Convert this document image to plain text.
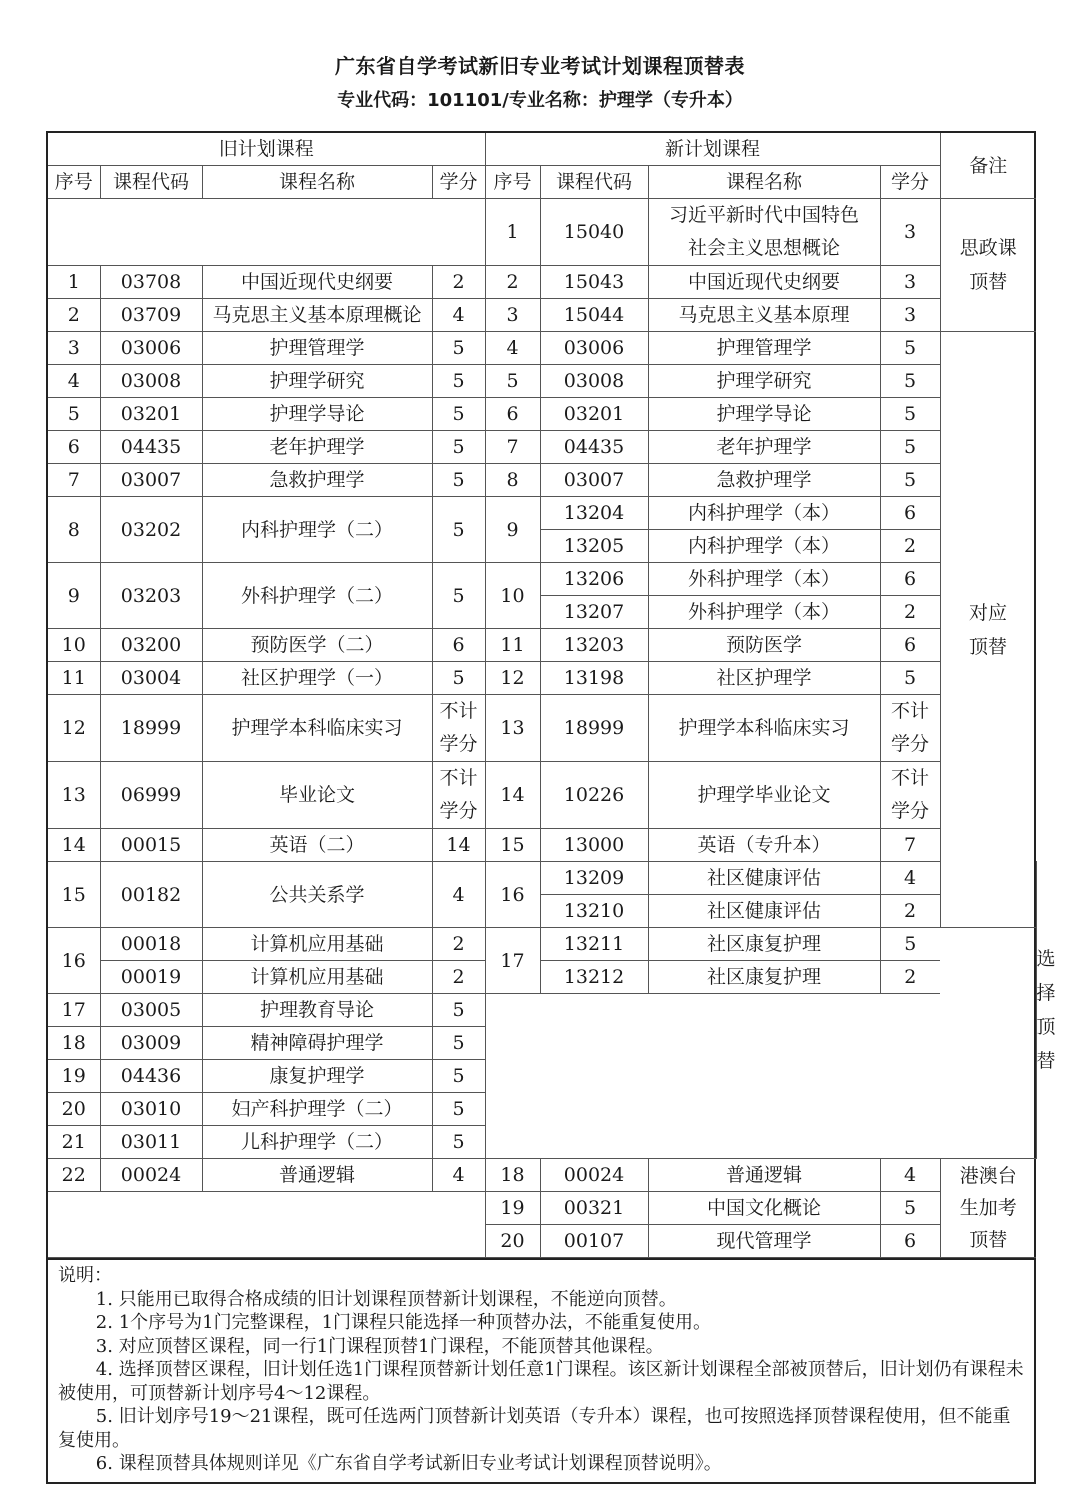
广东省自学考试新旧专业考试计划课程顶替表
专业代码：101101/专业名称：护理学（专升本）
旧计划课程				新计划课程				备注	
序号	课程代码	课程名称	学分	序号	课程代码	课程名称	学分		
				1	15040	习近平新时代中国特色
社会主义思想概论	3	思政课
顶替	
1	03708	中国近现代史纲要	2	2	15043	中国近现代史纲要	3		
2	03709	马克思主义基本原理概论	4	3	15044	马克思主义基本原理	3		
3	03006	护理管理学	5	4	03006	护理管理学	5	对应
顶替	
4	03008	护理学研究	5	5	03008	护理学研究	5		
5	03201	护理学导论	5	6	03201	护理学导论	5		
6	04435	老年护理学	5	7	04435	老年护理学	5		
7	03007	急救护理学	5	8	03007	急救护理学	5		
8	03202	内科护理学（二）	5	9	13204	内科护理学（本）	6		
					13205	内科护理学（本）	2		
9	03203	外科护理学（二）	5	10	13206	外科护理学（本）	6		
					13207	外科护理学（本）	2		
10	03200	预防医学（二）	6	11	13203	预防医学	6		
11	03004	社区护理学（一）	5	12	13198	社区护理学	5		
12	18999	护理学本科临床实习	不计
学分	13	18999	护理学本科临床实习	不计
学分		
13	06999	毕业论文	不计
学分	14	10226	护理学毕业论文	不计
学分		
14	00015	英语（二）	14	15	13000	英语（专升本）	7		
15	00182	公共关系学	4	16	13209	社区健康评估	4		选择
顶替
					13210	社区健康评估	2		
16	00018	计算机应用基础	2	17	13211	社区康复护理	5		
	00019	计算机应用基础	2		13212	社区康复护理	2		
17	03005	护理教育导论	5						
18	03009	精神障碍护理学	5						
19	04436	康复护理学	5						
20	03010	妇产科护理学（二）	5						
21	03011	儿科护理学（二）	5						
22	00024	普通逻辑	4	18	00024	普通逻辑	4	港澳台
生加考
顶替	
				19	00321	中国文化概论	5		
				20	00107	现代管理学	6		
说明：
1. 只能用已取得合格成绩的旧计划课程顶替新计划课程，不能逆向顶替。
2. 1个序号为1门完整课程，1门课程只能选择一种顶替办法，不能重复使用。
3. 对应顶替区课程，同一行1门课程顶替1门课程，不能顶替其他课程。
4. 选择顶替区课程，旧计划任选1门课程顶替新计划任意1门课程。该区新计划课程全部被顶替后，旧计划仍有课程未被使用，可顶替新计划序号4～12课程。
5. 旧计划序号19～21课程，既可任选两门顶替新计划英语（专升本）课程，也可按照选择顶替课程使用，但不能重复使用。
6. 课程顶替具体规则详见《广东省自学考试新旧专业考试计划课程顶替说明》。
